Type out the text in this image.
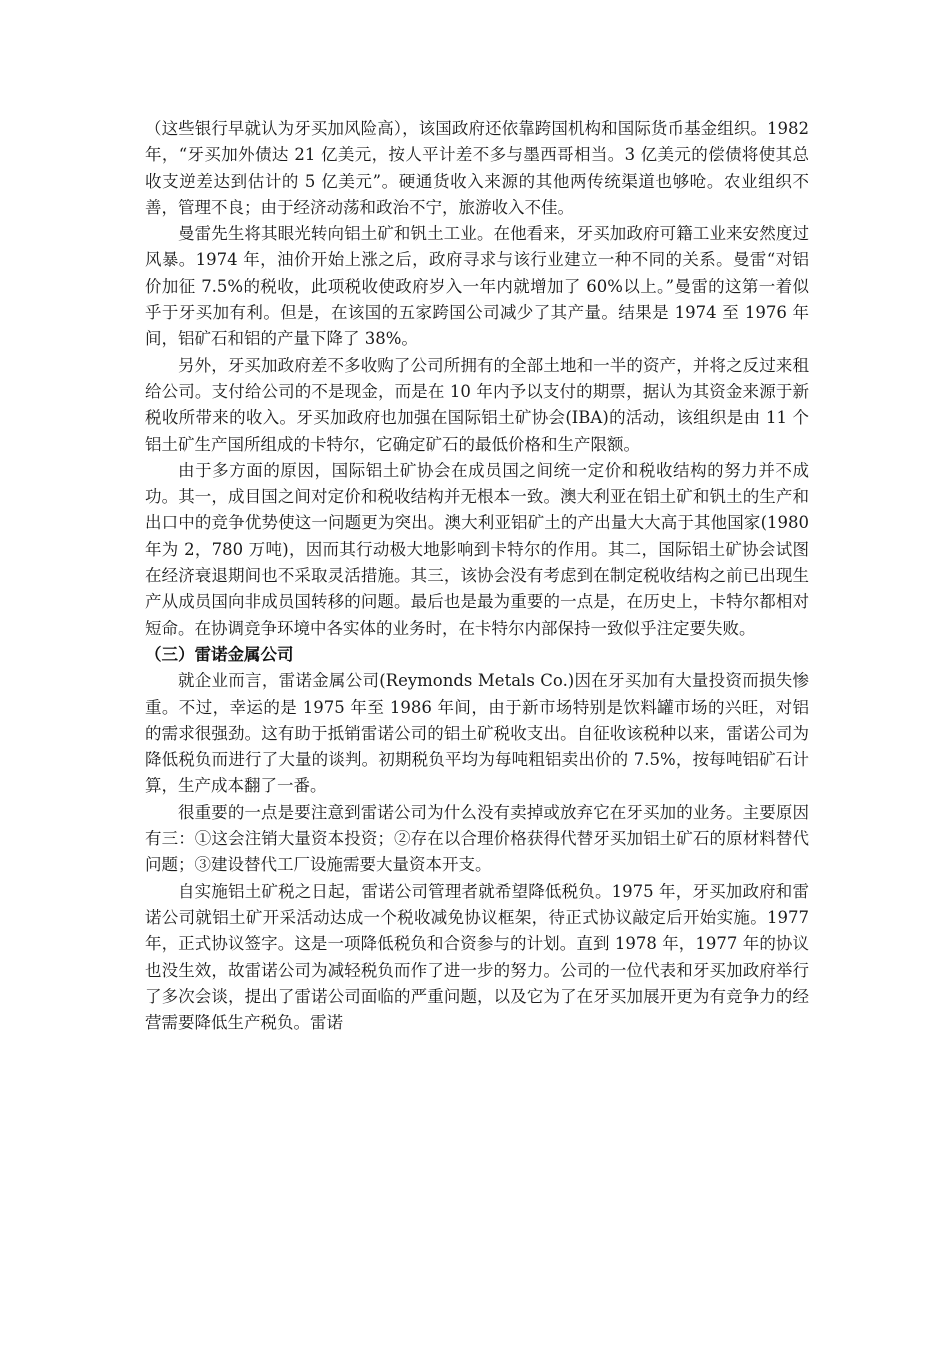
（这些银行早就认为牙买加风险高），该国政府还依靠跨国机构和国际货币基金组织。1982 年，“牙买加外债达 21 亿美元，按人平计差不多与墨西哥相当。3 亿美元的偿债将使其总收支逆差达到估计的 5 亿美元”。硬通货收入来源的其他两传统渠道也够呛。农业组织不善，管理不良；由于经济动荡和政治不宁，旅游收入不佳。

曼雷先生将其眼光转向铝土矿和钒土工业。在他看来，牙买加政府可籍工业来安然度过风暴。1974 年，油价开始上涨之后，政府寻求与该行业建立一种不同的关系。曼雷“对铝价加征 7.5%的税收，此项税收使政府岁入一年内就增加了 60%以上。”曼雷的这第一着似乎于牙买加有利。但是，在该国的五家跨国公司减少了其产量。结果是 1974 至 1976 年间，铝矿石和铝的产量下降了 38%。

另外，牙买加政府差不多收购了公司所拥有的全部土地和一半的资产，并将之反过来租给公司。支付给公司的不是现金，而是在 10 年内予以支付的期票，据认为其资金来源于新税收所带来的收入。牙买加政府也加强在国际铝土矿协会(IBA)的活动，该组织是由 11 个铝土矿生产国所组成的卡特尔，它确定矿石的最低价格和生产限额。

由于多方面的原因，国际铝土矿协会在成员国之间统一定价和税收结构的努力并不成功。其一，成目国之间对定价和税收结构并无根本一致。澳大利亚在铝土矿和钒土的生产和出口中的竞争优势使这一问题更为突出。澳大利亚铝矿土的产出量大大高于其他国家(1980 年为 2，780 万吨)，因而其行动极大地影响到卡特尔的作用。其二，国际铝土矿协会试图在经济衰退期间也不采取灵活措施。其三，该协会没有考虑到在制定税收结构之前已出现生产从成员国向非成员国转移的问题。最后也是最为重要的一点是，在历史上，卡特尔都相对短命。在协调竞争环境中各实体的业务时，在卡特尔内部保持一致似乎注定要失败。

（三）雷诺金属公司

就企业而言，雷诺金属公司(Reymonds Metals Co.)因在牙买加有大量投资而损失惨重。不过，幸运的是 1975 年至 1986 年间，由于新市场特别是饮料罐市场的兴旺，对铝的需求很强劲。这有助于抵销雷诺公司的铝土矿税收支出。自征收该税种以来，雷诺公司为降低税负而进行了大量的谈判。初期税负平均为每吨粗铝卖出价的 7.5%，按每吨铝矿石计算，生产成本翻了一番。

很重要的一点是要注意到雷诺公司为什么没有卖掉或放弃它在牙买加的业务。主要原因有三：①这会注销大量资本投资；②存在以合理价格获得代替牙买加铝土矿石的原材料替代问题；③建设替代工厂设施需要大量资本开支。

自实施铝土矿税之日起，雷诺公司管理者就希望降低税负。1975 年，牙买加政府和雷诺公司就铝土矿开采活动达成一个税收减免协议框架，待正式协议敲定后开始实施。1977 年，正式协议签字。这是一项降低税负和合资参与的计划。直到 1978 年，1977 年的协议也没生效，故雷诺公司为减轻税负而作了进一步的努力。公司的一位代表和牙买加政府举行了多次会谈，提出了雷诺公司面临的严重问题，以及它为了在牙买加展开更为有竞争力的经营需要降低生产税负。雷诺
